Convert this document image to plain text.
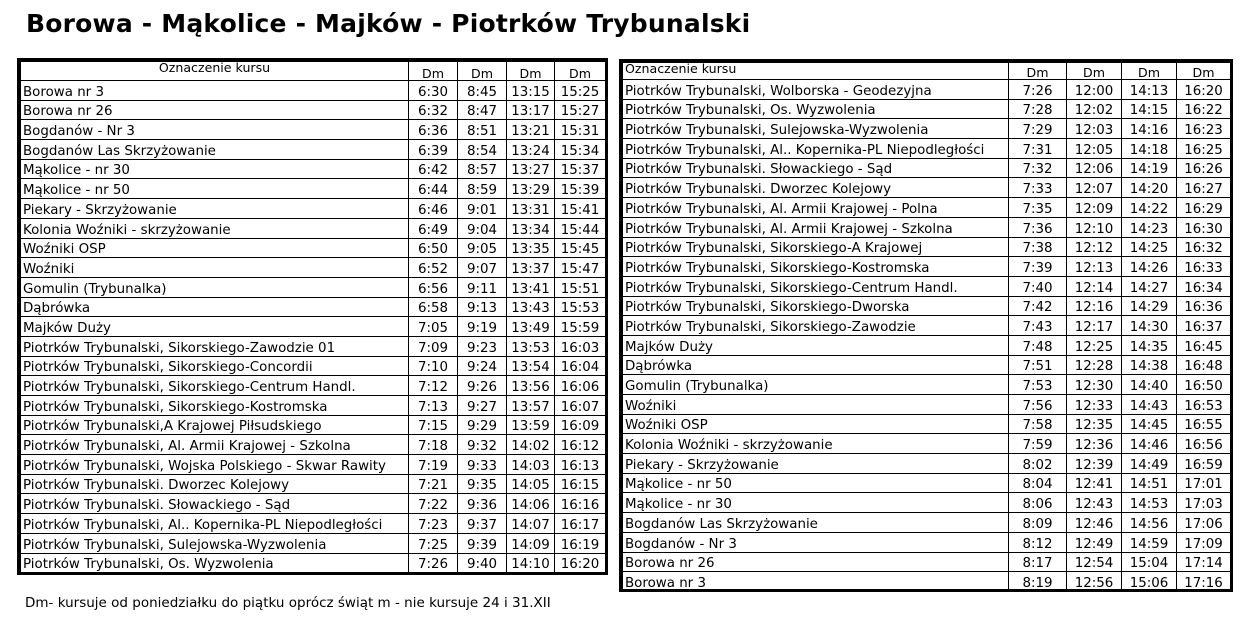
Borowa - Mąkolice - Majków - Piotrków Trybunalski
Oznaczenie kursu	Dm	Dm	Dm	Dm
Borowa nr 3	6:30	8:45	13:15	15:25
Borowa nr 26	6:32	8:47	13:17	15:27
Bogdanów - Nr 3	6:36	8:51	13:21	15:31
Bogdanów Las Skrzyżowanie	6:39	8:54	13:24	15:34
Mąkolice - nr 30	6:42	8:57	13:27	15:37
Mąkolice - nr 50	6:44	8:59	13:29	15:39
Piekary - Skrzyżowanie	6:46	9:01	13:31	15:41
Kolonia Woźniki - skrzyżowanie	6:49	9:04	13:34	15:44
Woźniki OSP	6:50	9:05	13:35	15:45
Woźniki	6:52	9:07	13:37	15:47
Gomulin (Trybunalka)	6:56	9:11	13:41	15:51
Dąbrówka	6:58	9:13	13:43	15:53
Majków Duży	7:05	9:19	13:49	15:59
Piotrków Trybunalski, Sikorskiego-Zawodzie 01	7:09	9:23	13:53	16:03
Piotrków Trybunalski, Sikorskiego-Concordii	7:10	9:24	13:54	16:04
Piotrków Trybunalski, Sikorskiego-Centrum Handl.	7:12	9:26	13:56	16:06
Piotrków Trybunalski, Sikorskiego-Kostromska	7:13	9:27	13:57	16:07
Piotrków Trybunalski,A Krajowej Piłsudskiego	7:15	9:29	13:59	16:09
Piotrków Trybunalski, Al. Armii Krajowej - Szkolna	7:18	9:32	14:02	16:12
Piotrków Trybunalski, Wojska Polskiego - Skwar Rawity	7:19	9:33	14:03	16:13
Piotrków Trybunalski. Dworzec Kolejowy	7:21	9:35	14:05	16:15
Piotrków Trybunalski. Słowackiego - Sąd	7:22	9:36	14:06	16:16
Piotrków Trybunalski, Al.. Kopernika-PL Niepodległości	7:23	9:37	14:07	16:17
Piotrków Trybunalski, Sulejowska-Wyzwolenia	7:25	9:39	14:09	16:19
Piotrków Trybunalski, Os. Wyzwolenia	7:26	9:40	14:10	16:20
Oznaczenie kursu	Dm	Dm	Dm	Dm
Piotrków Trybunalski, Wolborska - Geodezyjna	7:26	12:00	14:13	16:20
Piotrków Trybunalski, Os. Wyzwolenia	7:28	12:02	14:15	16:22
Piotrków Trybunalski, Sulejowska-Wyzwolenia	7:29	12:03	14:16	16:23
Piotrków Trybunalski, Al.. Kopernika-PL Niepodległości	7:31	12:05	14:18	16:25
Piotrków Trybunalski. Słowackiego - Sąd	7:32	12:06	14:19	16:26
Piotrków Trybunalski. Dworzec Kolejowy	7:33	12:07	14:20	16:27
Piotrków Trybunalski, Al. Armii Krajowej - Polna	7:35	12:09	14:22	16:29
Piotrków Trybunalski, Al. Armii Krajowej - Szkolna	7:36	12:10	14:23	16:30
Piotrków Trybunalski, Sikorskiego-A Krajowej	7:38	12:12	14:25	16:32
Piotrków Trybunalski, Sikorskiego-Kostromska	7:39	12:13	14:26	16:33
Piotrków Trybunalski, Sikorskiego-Centrum Handl.	7:40	12:14	14:27	16:34
Piotrków Trybunalski, Sikorskiego-Dworska	7:42	12:16	14:29	16:36
Piotrków Trybunalski, Sikorskiego-Zawodzie	7:43	12:17	14:30	16:37
Majków Duży	7:48	12:25	14:35	16:45
Dąbrówka	7:51	12:28	14:38	16:48
Gomulin (Trybunalka)	7:53	12:30	14:40	16:50
Woźniki	7:56	12:33	14:43	16:53
Woźniki OSP	7:58	12:35	14:45	16:55
Kolonia Woźniki - skrzyżowanie	7:59	12:36	14:46	16:56
Piekary - Skrzyżowanie	8:02	12:39	14:49	16:59
Mąkolice - nr 50	8:04	12:41	14:51	17:01
Mąkolice - nr 30	8:06	12:43	14:53	17:03
Bogdanów Las Skrzyżowanie	8:09	12:46	14:56	17:06
Bogdanów - Nr 3	8:12	12:49	14:59	17:09
Borowa nr 26	8:17	12:54	15:04	17:14
Borowa nr 3	8:19	12:56	15:06	17:16
Dm- kursuje od poniedziałku do piątku oprócz świąt m - nie kursuje 24 i 31.XII
